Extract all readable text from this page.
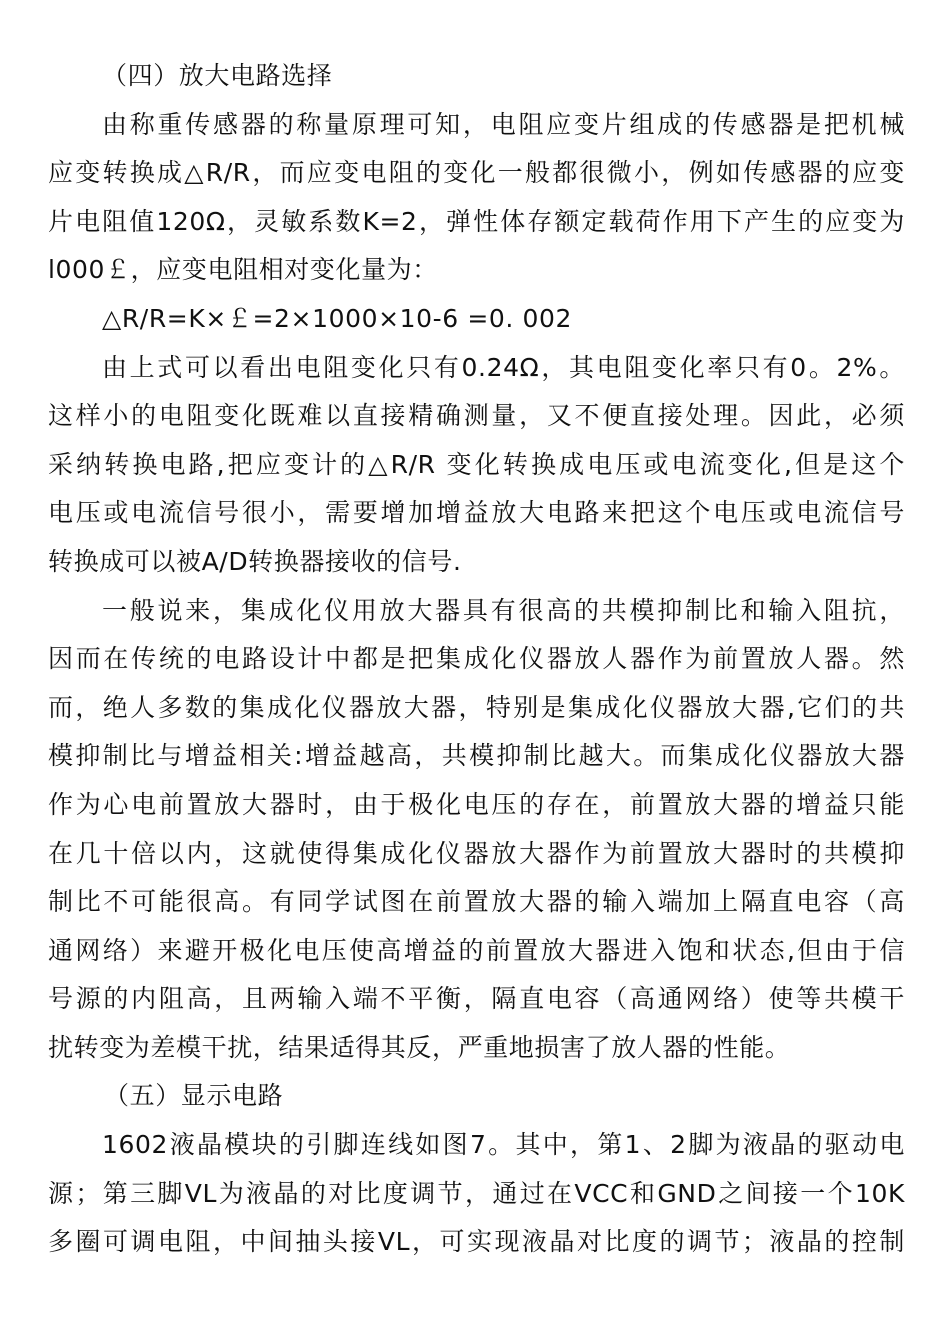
（四）放大电路选择
由称重传感器的称量原理可知，电阻应变片组成的传感器是把机械
应变转换成△R/R，而应变电阻的变化一般都很微小，例如传感器的应变
片电阻值120Ω，灵敏系数K=2，弹性体存额定载荷作用下产生的应变为
l000￡，应变电阻相对变化量为：
△R/R=K×￡=2×1000×10-6 =0. 002
由上式可以看出电阻变化只有0.24Ω，其电阻变化率只有0。2%。
这样小的电阻变化既难以直接精确测量，又不便直接处理。因此，必须
采纳转换电路,把应变计的△R/R 变化转换成电压或电流变化,但是这个
电压或电流信号很小，需要增加增益放大电路来把这个电压或电流信号
转换成可以被A/D转换器接收的信号.
一般说来，集成化仪用放大器具有很高的共模抑制比和输入阻抗，
因而在传统的电路设计中都是把集成化仪器放人器作为前置放人器。然
而，绝人多数的集成化仪器放大器，特别是集成化仪器放大器,它们的共
模抑制比与增益相关:增益越高，共模抑制比越大。而集成化仪器放大器
作为心电前置放大器时，由于极化电压的存在，前置放大器的增益只能
在几十倍以内，这就使得集成化仪器放大器作为前置放大器时的共模抑
制比不可能很高。有同学试图在前置放大器的输入端加上隔直电容（高
通网络）来避开极化电压使高增益的前置放大器进入饱和状态,但由于信
号源的内阻高，且两输入端不平衡，隔直电容（高通网络）使等共模干
扰转变为差模干扰，结果适得其反，严重地损害了放人器的性能。
（五）显示电路
1602液晶模块的引脚连线如图7。其中，第1、2脚为液晶的驱动电
源；第三脚VL为液晶的对比度调节，通过在VCC和GND之间接一个10K
多圈可调电阻，中间抽头接VL，可实现液晶对比度的调节；液晶的控制
